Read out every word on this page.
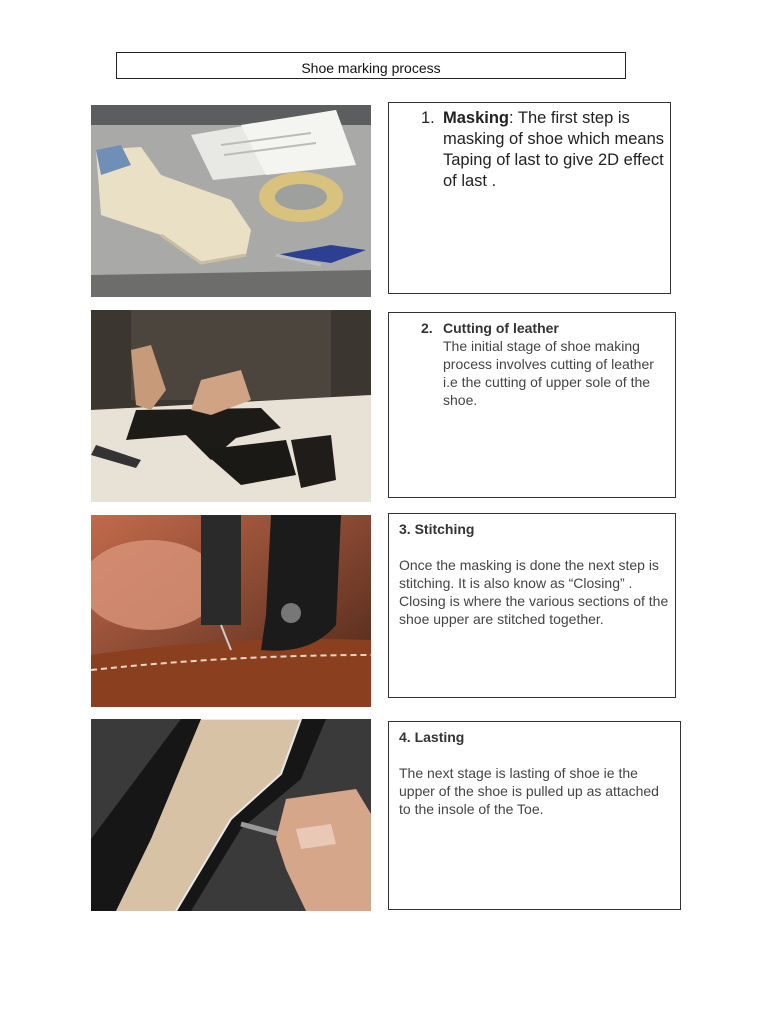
Shoe marking process
1. Masking: The first step is masking of shoe which means Taping of last to give 2D effect of last .
2. Cutting of leather
The initial stage of shoe making process involves cutting of leather i.e the cutting of upper sole of the shoe.
3. Stitching
Once the masking is done the next step is stitching. It is also know as “Closing” . Closing is where the various sections of the shoe upper are stitched together.
4. Lasting
The next stage is lasting of shoe ie the upper of the shoe is pulled up as attached to the insole of the Toe.
